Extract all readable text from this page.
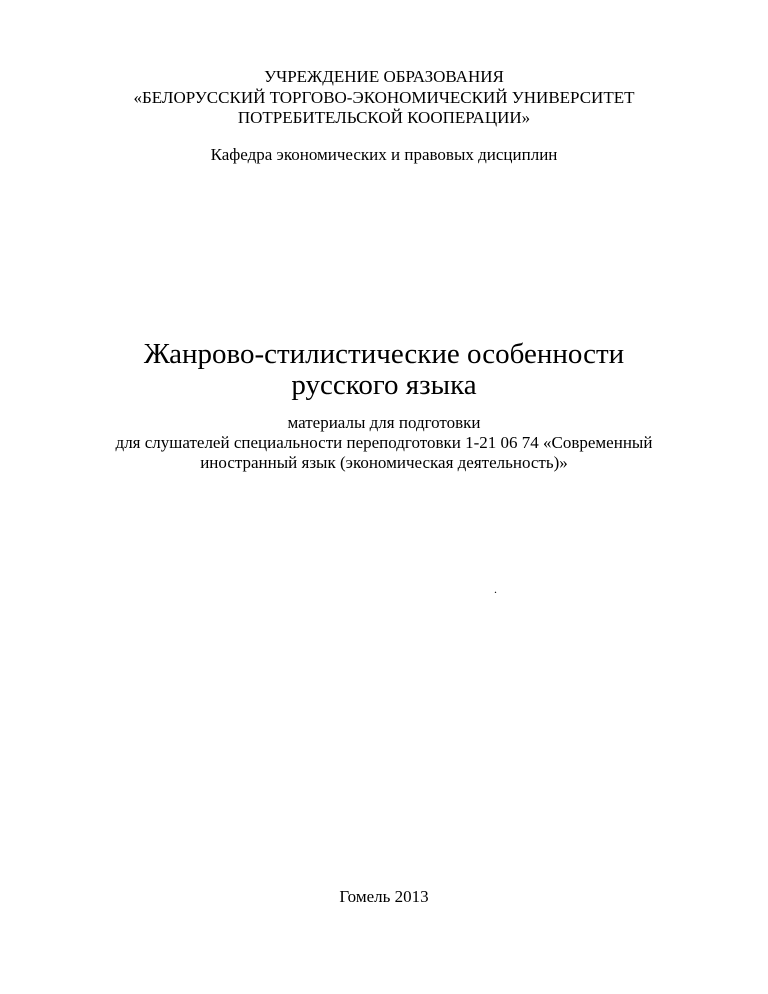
УЧРЕЖДЕНИЕ ОБРАЗОВАНИЯ
«БЕЛОРУССКИЙ ТОРГОВО-ЭКОНОМИЧЕСКИЙ УНИВЕРСИТЕТ
ПОТРЕБИТЕЛЬСКОЙ КООПЕРАЦИИ»
Кафедра экономических и правовых дисциплин
Жанрово-стилистические особенности
русского языка
материалы для подготовки
для слушателей специальности переподготовки 1-21 06 74 «Современный
иностранный язык (экономическая деятельность)»
.
Гомель 2013
